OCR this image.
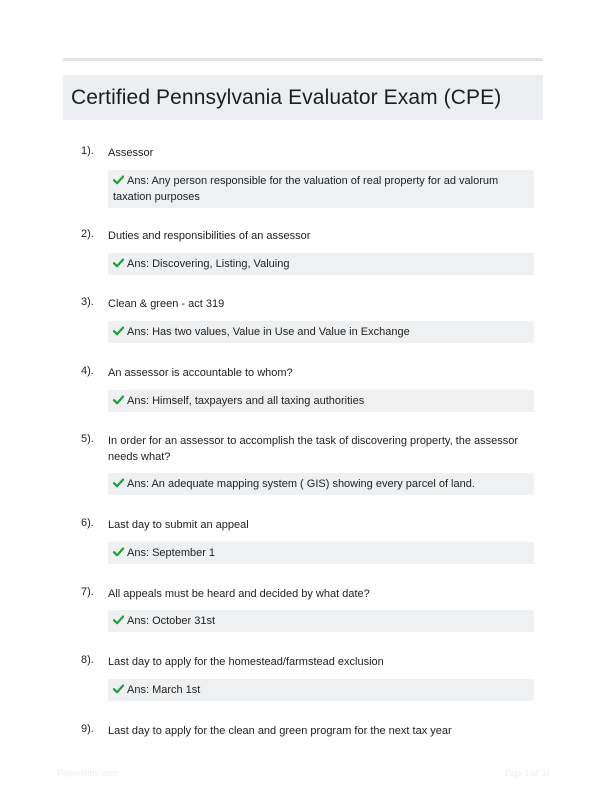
Certified Pennsylvania Evaluator Exam (CPE)
1). Assessor
Ans: Any person responsible for the valuation of real property for ad valorum taxation purposes
2). Duties and responsibilities of an assessor
Ans: Discovering, Listing, Valuing
3). Clean & green - act 319
Ans: Has two values, Value in Use and Value in Exchange
4). An assessor is accountable to whom?
Ans: Himself, taxpayers and all taxing authorities
5). In order for an assessor to accomplish the task of discovering property, the assessor needs what?
Ans: An adequate mapping system ( GIS) showing every parcel of land.
6). Last day to submit an appeal
Ans: September 1
7). All appeals must be heard and decided by what date?
Ans: October 31st
8). Last day to apply for the homestead/farmstead exclusion
Ans: March 1st
9). Last day to apply for the clean and green program for the next tax year
PaperNibs.com	Page 1 of 31
